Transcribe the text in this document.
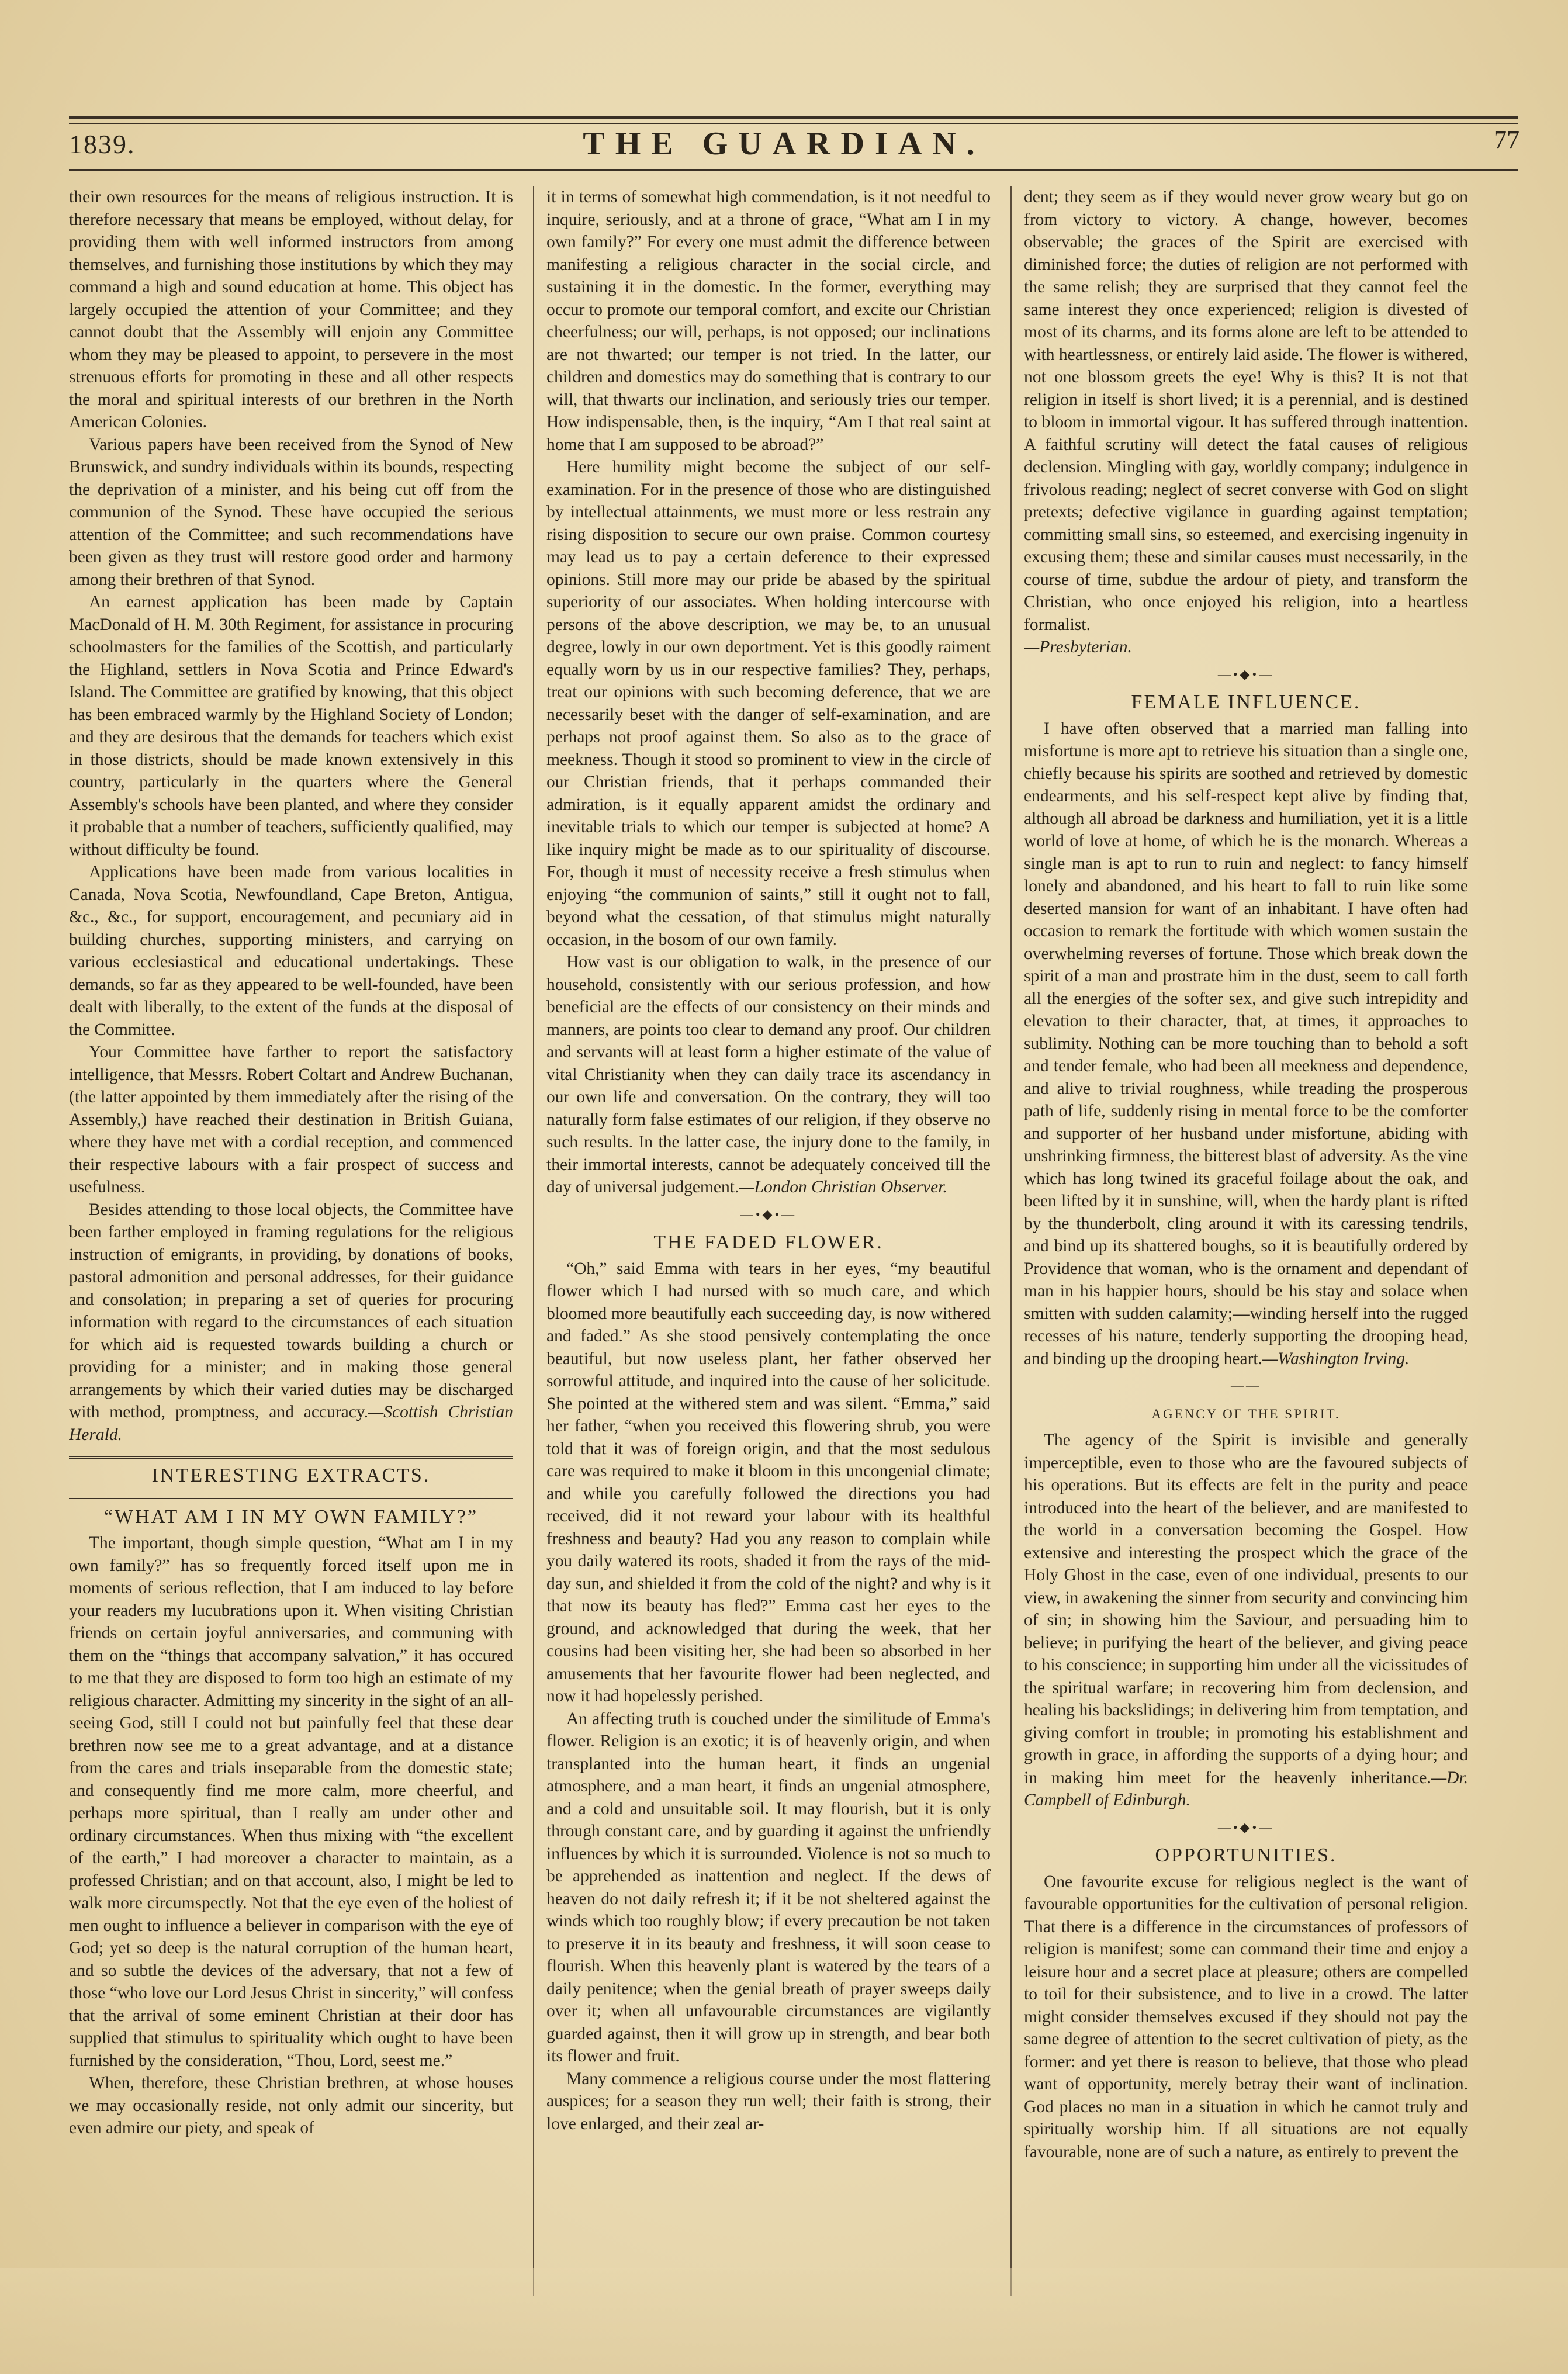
1839.	THE GUARDIAN.	77

their own resources for the means of religious instruction. It is therefore necessary that means be employed, without delay, for providing them with well informed instructors from among themselves, and furnishing those institutions by which they may command a high and sound education at home. This object has largely occupied the attention of your Committee; and they cannot doubt that the Assembly will enjoin any Committee whom they may be pleased to appoint, to persevere in the most strenuous efforts for promoting in these and all other respects the moral and spiritual interests of our brethren in the North American Colonies.

Various papers have been received from the Synod of New Brunswick, and sundry individuals within its bounds, respecting the deprivation of a minister, and his being cut off from the communion of the Synod. These have occupied the serious attention of the Committee; and such recommendations have been given as they trust will restore good order and harmony among their brethren of that Synod.

An earnest application has been made by Captain MacDonald of H. M. 30th Regiment, for assistance in procuring schoolmasters for the families of the Scottish, and particularly the Highland, settlers in Nova Scotia and Prince Edward's Island. The Committee are gratified by knowing, that this object has been embraced warmly by the Highland Society of London; and they are desirous that the demands for teachers which exist in those districts, should be made known extensively in this country, particularly in the quarters where the General Assembly's schools have been planted, and where they consider it probable that a number of teachers, sufficiently qualified, may without difficulty be found.

Applications have been made from various localities in Canada, Nova Scotia, Newfoundland, Cape Breton, Antigua, &c., &c., for support, encouragement, and pecuniary aid in building churches, supporting ministers, and carrying on various ecclesiastical and educational undertakings. These demands, so far as they appeared to be well-founded, have been dealt with liberally, to the extent of the funds at the disposal of the Committee.

Your Committee have farther to report the satisfactory intelligence, that Messrs. Robert Coltart and Andrew Buchanan, (the latter appointed by them immediately after the rising of the Assembly,) have reached their destination in British Guiana, where they have met with a cordial reception, and commenced their respective labours with a fair prospect of success and usefulness.

Besides attending to those local objects, the Committee have been farther employed in framing regulations for the religious instruction of emigrants, in providing, by donations of books, pastoral admonition and personal addresses, for their guidance and consolation; in preparing a set of queries for procuring information with regard to the circumstances of each situation for which aid is requested towards building a church or providing for a minister; and in making those general arrangements by which their varied duties may be discharged with method, promptness, and accuracy.—Scottish Christian Herald.

INTERESTING EXTRACTS.

“WHAT AM I IN MY OWN FAMILY?”

The important, though simple question, “What am I in my own family?” has so frequently forced itself upon me in moments of serious reflection, that I am induced to lay before your readers my lucubrations upon it. When visiting Christian friends on certain joyful anniversaries, and communing with them on the “things that accompany salvation,” it has occured to me that they are disposed to form too high an estimate of my religious character. Admitting my sincerity in the sight of an all-seeing God, still I could not but painfully feel that these dear brethren now see me to a great advantage, and at a distance from the cares and trials inseparable from the domestic state; and consequently find me more calm, more cheerful, and perhaps more spiritual, than I really am under other and ordinary circumstances. When thus mixing with “the excellent of the earth,” I had moreover a character to maintain, as a professed Christian; and on that account, also, I might be led to walk more circumspectly. Not that the eye even of the holiest of men ought to influence a believer in comparison with the eye of God; yet so deep is the natural corruption of the human heart, and so subtle the devices of the adversary, that not a few of those “who love our Lord Jesus Christ in sincerity,” will confess that the arrival of some eminent Christian at their door has supplied that stimulus to spirituality which ought to have been furnished by the consideration, “Thou, Lord, seest me.”

When, therefore, these Christian brethren, at whose houses we may occasionally reside, not only admit our sincerity, but even admire our piety, and speak of

it in terms of somewhat high commendation, is it not needful to inquire, seriously, and at a throne of grace, “What am I in my own family?” For every one must admit the difference between manifesting a religious character in the social circle, and sustaining it in the domestic. In the former, everything may occur to promote our temporal comfort, and excite our Christian cheerfulness; our will, perhaps, is not opposed; our inclinations are not thwarted; our temper is not tried. In the latter, our children and domestics may do something that is contrary to our will, that thwarts our inclination, and seriously tries our temper. How indispensable, then, is the inquiry, “Am I that real saint at home that I am supposed to be abroad?”

Here humility might become the subject of our self-examination. For in the presence of those who are distinguished by intellectual attainments, we must more or less restrain any rising disposition to secure our own praise. Common courtesy may lead us to pay a certain deference to their expressed opinions. Still more may our pride be abased by the spiritual superiority of our associates. When holding intercourse with persons of the above description, we may be, to an unusual degree, lowly in our own deportment. Yet is this goodly raiment equally worn by us in our respective families? They, perhaps, treat our opinions with such becoming deference, that we are necessarily beset with the danger of self-examination, and are perhaps not proof against them. So also as to the grace of meekness. Though it stood so prominent to view in the circle of our Christian friends, that it perhaps commanded their admiration, is it equally apparent amidst the ordinary and inevitable trials to which our temper is subjected at home? A like inquiry might be made as to our spirituality of discourse. For, though it must of necessity receive a fresh stimulus when enjoying “the communion of saints,” still it ought not to fall, beyond what the cessation, of that stimulus might naturally occasion, in the bosom of our own family.

How vast is our obligation to walk, in the presence of our household, consistently with our serious profession, and how beneficial are the effects of our consistency on their minds and manners, are points too clear to demand any proof. Our children and servants will at least form a higher estimate of the value of vital Christianity when they can daily trace its ascendancy in our own life and conversation. On the contrary, they will too naturally form false estimates of our religion, if they observe no such results. In the latter case, the injury done to the family, in their immortal interests, cannot be adequately conceived till the day of universal judgement.—London Christian Observer.

—•◆•—

THE FADED FLOWER.

“Oh,” said Emma with tears in her eyes, “my beautiful flower which I had nursed with so much care, and which bloomed more beautifully each succeeding day, is now withered and faded.” As she stood pensively contemplating the once beautiful, but now useless plant, her father observed her sorrowful attitude, and inquired into the cause of her solicitude. She pointed at the withered stem and was silent. “Emma,” said her father, “when you received this flowering shrub, you were told that it was of foreign origin, and that the most sedulous care was required to make it bloom in this uncongenial climate; and while you carefully followed the directions you had received, did it not reward your labour with its healthful freshness and beauty? Had you any reason to complain while you daily watered its roots, shaded it from the rays of the mid-day sun, and shielded it from the cold of the night? and why is it that now its beauty has fled?” Emma cast her eyes to the ground, and acknowledged that during the week, that her cousins had been visiting her, she had been so absorbed in her amusements that her favourite flower had been neglected, and now it had hopelessly perished.

An affecting truth is couched under the similitude of Emma's flower. Religion is an exotic; it is of heavenly origin, and when transplanted into the human heart, it finds an ungenial atmosphere, and a man heart, it finds an ungenial atmosphere, and a cold and unsuitable soil. It may flourish, but it is only through constant care, and by guarding it against the unfriendly influences by which it is surrounded. Violence is not so much to be apprehended as inattention and neglect. If the dews of heaven do not daily refresh it; if it be not sheltered against the winds which too roughly blow; if every precaution be not taken to preserve it in its beauty and freshness, it will soon cease to flourish. When this heavenly plant is watered by the tears of a daily penitence; when the genial breath of prayer sweeps daily over it; when all unfavourable circumstances are vigilantly guarded against, then it will grow up in strength, and bear both its flower and fruit.

Many commence a religious course under the most flattering auspices; for a season they run well; their faith is strong, their love enlarged, and their zeal ar-

dent; they seem as if they would never grow weary but go on from victory to victory. A change, however, becomes observable; the graces of the Spirit are exercised with diminished force; the duties of religion are not performed with the same relish; they are surprised that they cannot feel the same interest they once experienced; religion is divested of most of its charms, and its forms alone are left to be attended to with heartlessness, or entirely laid aside. The flower is withered, not one blossom greets the eye! Why is this? It is not that religion in itself is short lived; it is a perennial, and is destined to bloom in immortal vigour. It has suffered through inattention. A faithful scrutiny will detect the fatal causes of religious declension. Mingling with gay, worldly company; indulgence in frivolous reading; neglect of secret converse with God on slight pretexts; defective vigilance in guarding against temptation; committing small sins, so esteemed, and exercising ingenuity in excusing them; these and similar causes must necessarily, in the course of time, subdue the ardour of piety, and transform the Christian, who once enjoyed his religion, into a heartless formalist.
—Presbyterian.

—•◆•—

FEMALE INFLUENCE.

I have often observed that a married man falling into misfortune is more apt to retrieve his situation than a single one, chiefly because his spirits are soothed and retrieved by domestic endearments, and his self-respect kept alive by finding that, although all abroad be darkness and humiliation, yet it is a little world of love at home, of which he is the monarch. Whereas a single man is apt to run to ruin and neglect: to fancy himself lonely and abandoned, and his heart to fall to ruin like some deserted mansion for want of an inhabitant. I have often had occasion to remark the fortitude with which women sustain the overwhelming reverses of fortune. Those which break down the spirit of a man and prostrate him in the dust, seem to call forth all the energies of the softer sex, and give such intrepidity and elevation to their character, that, at times, it approaches to sublimity. Nothing can be more touching than to behold a soft and tender female, who had been all meekness and dependence, and alive to trivial roughness, while treading the prosperous path of life, suddenly rising in mental force to be the comforter and supporter of her husband under misfortune, abiding with unshrinking firmness, the bitterest blast of adversity. As the vine which has long twined its graceful foilage about the oak, and been lifted by it in sunshine, will, when the hardy plant is rifted by the thunderbolt, cling around it with its caressing tendrils, and bind up its shattered boughs, so it is beautifully ordered by Providence that woman, who is the ornament and dependant of man in his happier hours, should be his stay and solace when smitten with sudden calamity;—winding herself into the rugged recesses of his nature, tenderly supporting the drooping head, and binding up the drooping heart.—Washington Irving.

——

AGENCY OF THE SPIRIT.

The agency of the Spirit is invisible and generally imperceptible, even to those who are the favoured subjects of his operations. But its effects are felt in the purity and peace introduced into the heart of the believer, and are manifested to the world in a conversation becoming the Gospel. How extensive and interesting the prospect which the grace of the Holy Ghost in the case, even of one individual, presents to our view, in awakening the sinner from security and convincing him of sin; in showing him the Saviour, and persuading him to believe; in purifying the heart of the believer, and giving peace to his conscience; in supporting him under all the vicissitudes of the spiritual warfare; in recovering him from declension, and healing his backslidings; in delivering him from temptation, and giving comfort in trouble; in promoting his establishment and growth in grace, in affording the supports of a dying hour; and in making him meet for the heavenly inheritance.—Dr. Campbell of Edinburgh.

—•◆•—

OPPORTUNITIES.

One favourite excuse for religious neglect is the want of favourable opportunities for the cultivation of personal religion. That there is a difference in the circumstances of professors of religion is manifest; some can command their time and enjoy a leisure hour and a secret place at pleasure; others are compelled to toil for their subsistence, and to live in a crowd. The latter might consider themselves excused if they should not pay the same degree of attention to the secret cultivation of piety, as the former: and yet there is reason to believe, that those who plead want of opportunity, merely betray their want of inclination. God places no man in a situation in which he cannot truly and spiritually worship him. If all situations are not equally favourable, none are of such a nature, as entirely to prevent the
